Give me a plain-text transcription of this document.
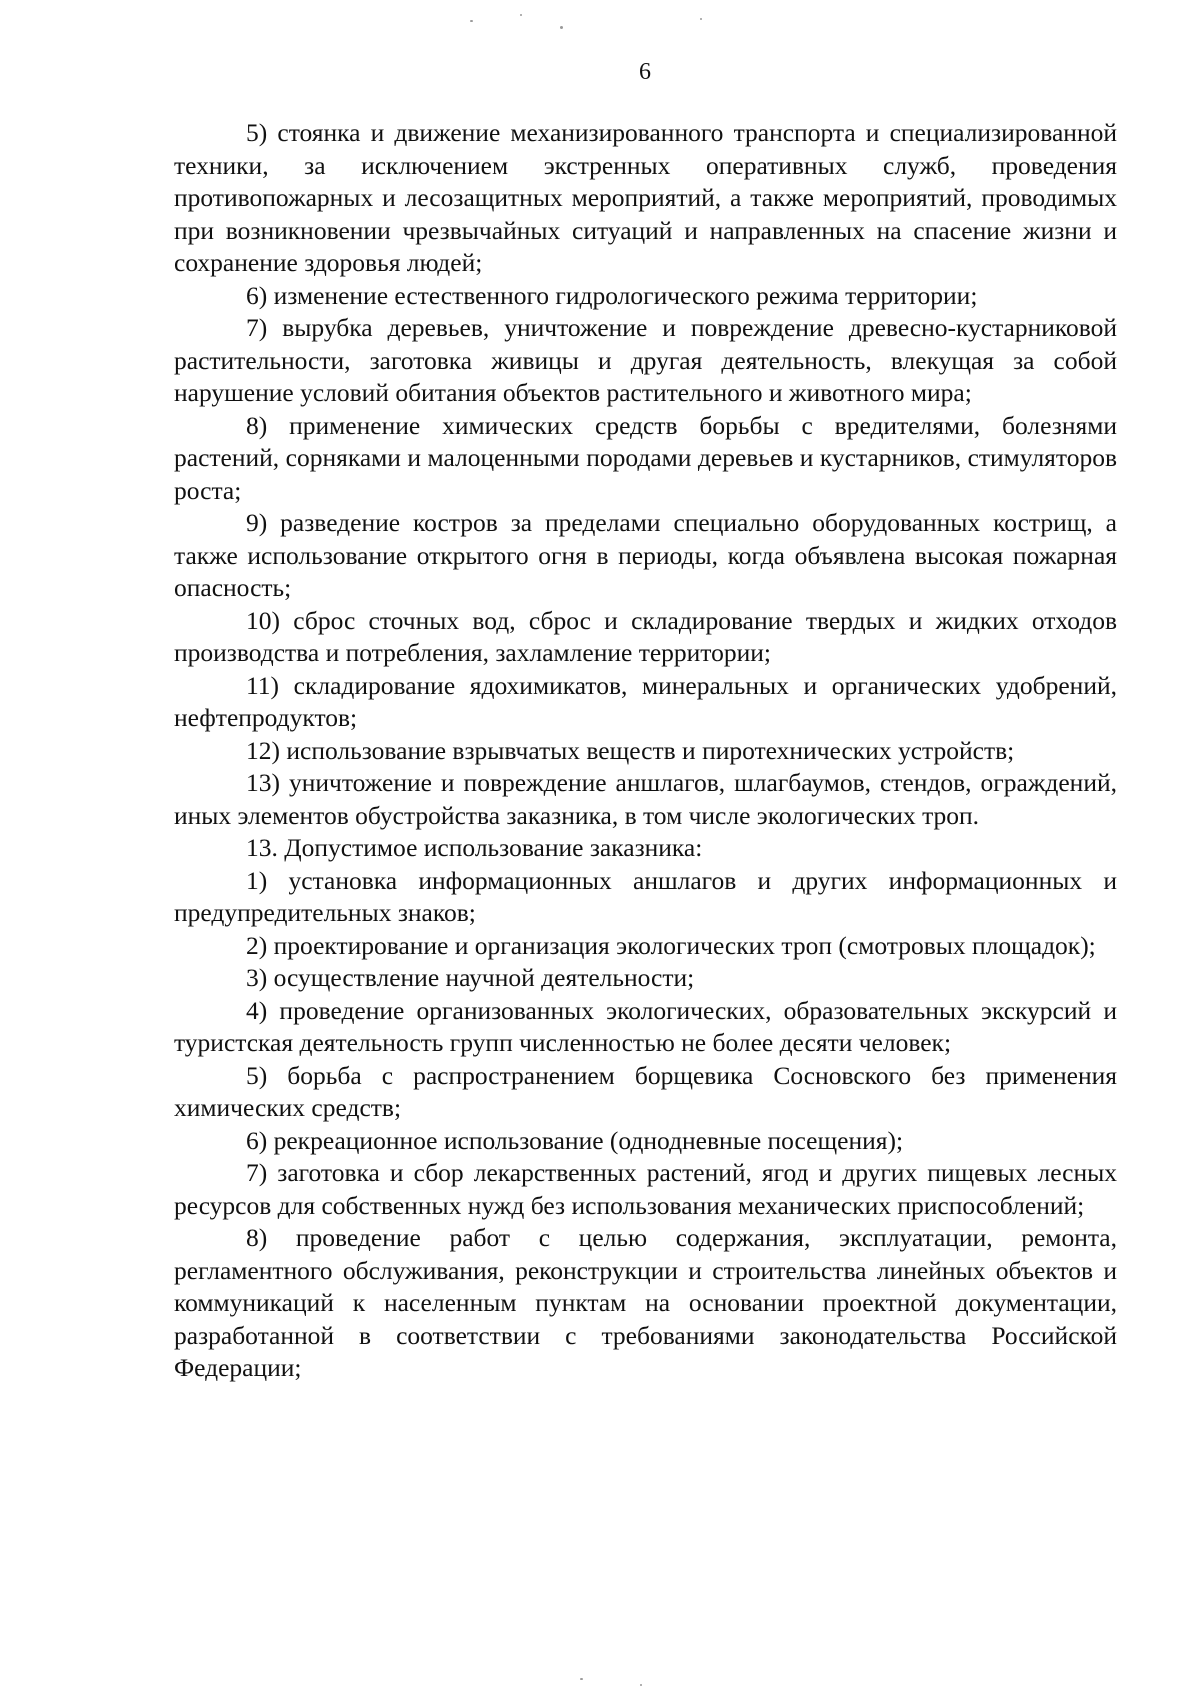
6

5) стоянка и движение механизированного транспорта и специализированной техники, за исключением экстренных оперативных служб, проведения противопожарных и лесозащитных мероприятий, а также мероприятий, проводимых при возникновении чрезвычайных ситуаций и направленных на спасение жизни и сохранение здоровья людей;

6) изменение естественного гидрологического режима территории;

7) вырубка деревьев, уничтожение и повреждение древесно-кустарниковой растительности, заготовка живицы и другая деятельность, влекущая за собой нарушение условий обитания объектов растительного и животного мира;

8) применение химических средств борьбы с вредителями, болезнями растений, сорняками и малоценными породами деревьев и кустарников, стимуляторов роста;

9) разведение костров за пределами специально оборудованных кострищ, а также использование открытого огня в периоды, когда объявлена высокая пожарная опасность;

10) сброс сточных вод, сброс и складирование твердых и жидких отходов производства и потребления, захламление территории;

11) складирование ядохимикатов, минеральных и органических удобрений, нефтепродуктов;

12) использование взрывчатых веществ и пиротехнических устройств;

13) уничтожение и повреждение аншлагов, шлагбаумов, стендов, ограждений, иных элементов обустройства заказника, в том числе экологических троп.

13. Допустимое использование заказника:

1) установка информационных аншлагов и других информационных и предупредительных знаков;

2) проектирование и организация экологических троп (смотровых площадок);

3) осуществление научной деятельности;

4) проведение организованных экологических, образовательных экскурсий и туристская деятельность групп численностью не более десяти человек;

5) борьба с распространением борщевика Сосновского без применения химических средств;

6) рекреационное использование (однодневные посещения);

7) заготовка и сбор лекарственных растений, ягод и других пищевых лесных ресурсов для собственных нужд без использования механических приспособлений;

8) проведение работ с целью содержания, эксплуатации, ремонта, регламентного обслуживания, реконструкции и строительства линейных объектов и коммуникаций к населенным пунктам на основании проектной документации, разработанной в соответствии с требованиями законодательства Российской Федерации;
